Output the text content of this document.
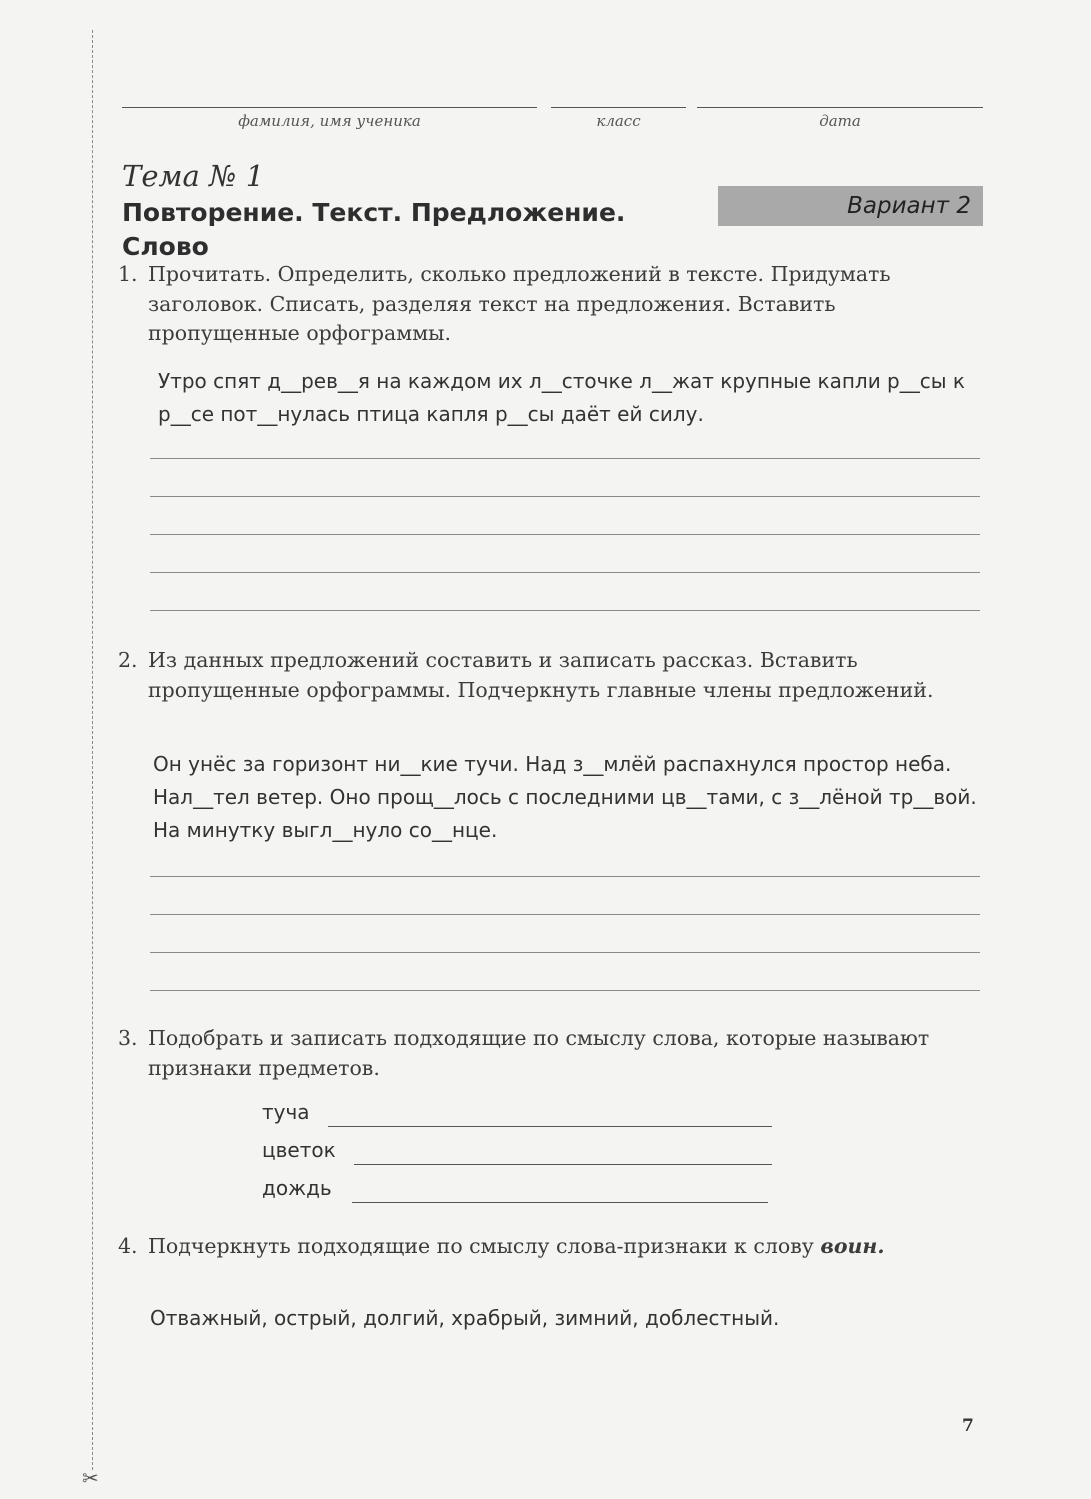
✂
фамилия, имя ученика	класс	дата
Тема № 1
Повторение. Текст. Предложение. Слово
Вариант 2
1. Прочитать. Определить, сколько предложений в тексте. Придумать заголовок. Списать, разделяя текст на предложения. Вставить пропущенные орфограммы.
Утро спят д__рев__я на каждом их л__сточке л__жат крупные капли р__сы к р__се пот__нулась птица капля р__сы даёт ей силу.
2. Из данных предложений составить и записать рассказ. Вставить пропущенные орфограммы. Подчеркнуть главные члены предложений.
Он унёс за горизонт ни__кие тучи. Над з__млёй распахнулся простор неба. Нал__тел ветер. Оно прощ__лось с последними цв__тами, с з__лёной тр__вой. На минутку выгл__нуло со__нце.
3. Подобрать и записать подходящие по смыслу слова, которые называют признаки предметов.
туча
цветок
дождь
4. Подчеркнуть подходящие по смыслу слова-признаки к слову воин.
Отважный, острый, долгий, храбрый, зимний, доблестный.
7
